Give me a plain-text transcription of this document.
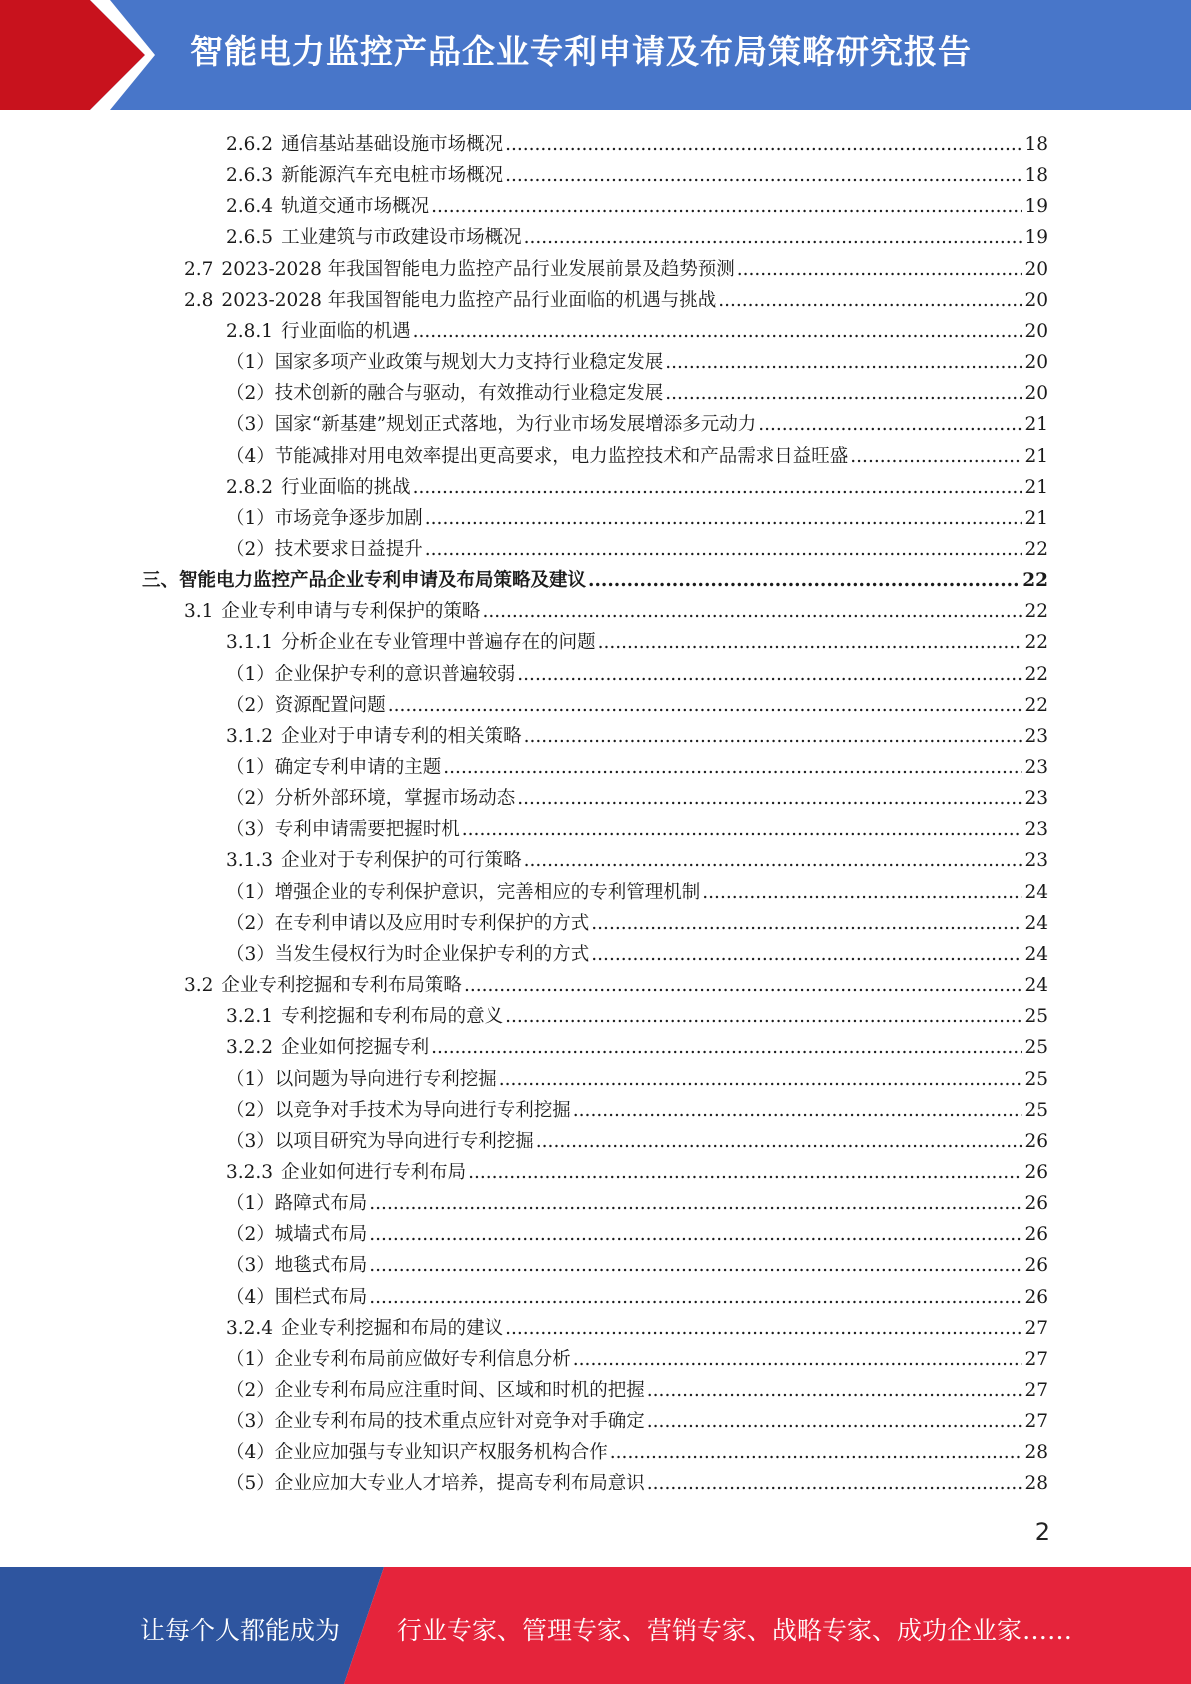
智能电力监控产品企业专利申请及布局策略研究报告
2.6.2 通信基站基础设施市场概况 .....	18
2.6.3 新能源汽车充电桩市场概况 .....	18
2.6.4 轨道交通市场概况 .....	19
2.6.5 工业建筑与市政建设市场概况 .....	19
2.7 2023-2028 年我国智能电力监控产品行业发展前景及趋势预测 .....	20
2.8 2023-2028 年我国智能电力监控产品行业面临的机遇与挑战 .....	20
2.8.1 行业面临的机遇 .....	20
（1） 国家多项产业政策与规划大力支持行业稳定发展 .....	20
（2） 技术创新的融合与驱动，有效推动行业稳定发展 .....	20
（3） 国家“新基建”规划正式落地，为行业市场发展增添多元动力 .....	21
（4） 节能减排对用电效率提出更高要求，电力监控技术和产品需求日益旺盛 .....	21
2.8.2 行业面临的挑战 .....	21
（1） 市场竞争逐步加剧 .....	21
（2） 技术要求日益提升 .....	22
三、 智能电力监控产品企业专利申请及布局策略及建议 .....	22
3.1 企业专利申请与专利保护的策略 .....	22
3.1.1 分析企业在专业管理中普遍存在的问题 .....	22
（1） 企业保护专利的意识普遍较弱 .....	22
（2） 资源配置问题 .....	22
3.1.2 企业对于申请专利的相关策略 .....	23
（1） 确定专利申请的主题 .....	23
（2） 分析外部环境，掌握市场动态 .....	23
（3） 专利申请需要把握时机 .....	23
3.1.3 企业对于专利保护的可行策略 .....	23
（1） 增强企业的专利保护意识，完善相应的专利管理机制 .....	24
（2） 在专利申请以及应用时专利保护的方式 .....	24
（3） 当发生侵权行为时企业保护专利的方式 .....	24
3.2 企业专利挖掘和专利布局策略 .....	24
3.2.1 专利挖掘和专利布局的意义 .....	25
3.2.2 企业如何挖掘专利 .....	25
（1） 以问题为导向进行专利挖掘 .....	25
（2） 以竞争对手技术为导向进行专利挖掘 .....	25
（3） 以项目研究为导向进行专利挖掘 .....	26
3.2.3 企业如何进行专利布局 .....	26
（1） 路障式布局 .....	26
（2） 城墙式布局 .....	26
（3） 地毯式布局 .....	26
（4） 围栏式布局 .....	26
3.2.4 企业专利挖掘和布局的建议 .....	27
（1） 企业专利布局前应做好专利信息分析 .....	27
（2） 企业专利布局应注重时间、区域和时机的把握 .....	27
（3） 企业专利布局的技术重点应针对竞争对手确定 .....	27
（4） 企业应加强与专业知识产权服务机构合作 .....	28
（5） 企业应加大专业人才培养，提高专利布局意识 .....	28
2
让每个人都能成为 行业专家、管理专家、营销专家、战略专家、成功企业家……
